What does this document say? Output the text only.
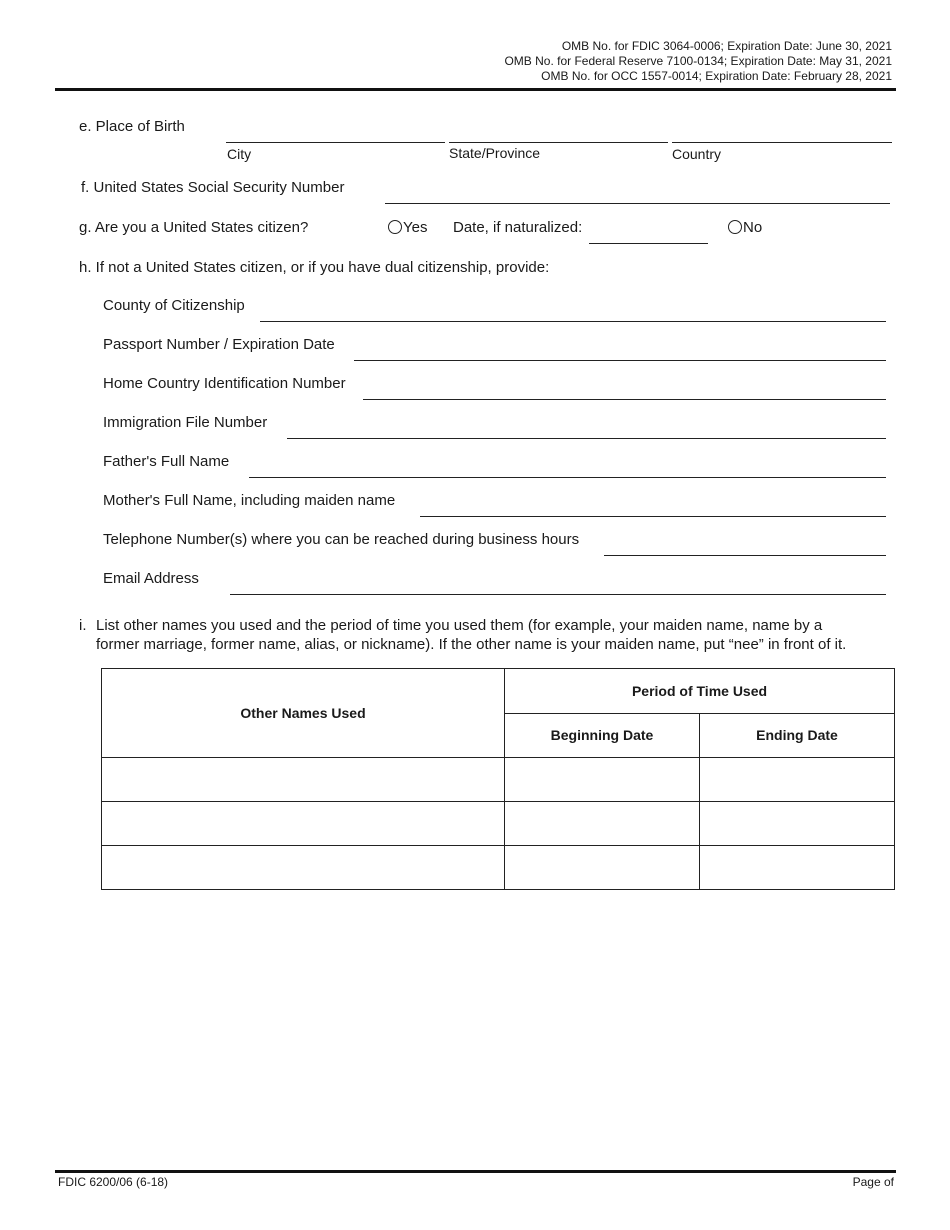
OMB No. for FDIC 3064-0006; Expiration Date: June 30, 2021
OMB No. for Federal Reserve 7100-0134; Expiration Date: May 31, 2021
OMB No. for OCC 1557-0014; Expiration Date: February 28, 2021
e. Place of Birth
City	State/Province	Country
f. United States Social Security Number
g. Are you a United States citizen?	Yes Date, if naturalized:	No
h. If not a United States citizen, or if you have dual citizenship, provide:
County of Citizenship
Passport Number / Expiration Date
Home Country Identification Number
Immigration File Number
Father's Full Name
Mother's Full Name, including maiden name
Telephone Number(s) where you can be reached during business hours
Email Address
i. List other names you used and the period of time you used them (for example, your maiden name, name by a
former marriage, former name, alias, or nickname). If the other name is your maiden name, put “nee” in front of it.
Other Names Used	Period of Time Used	
	Beginning Date	Ending Date

FDIC 6200/06 (6-18)	Page of
